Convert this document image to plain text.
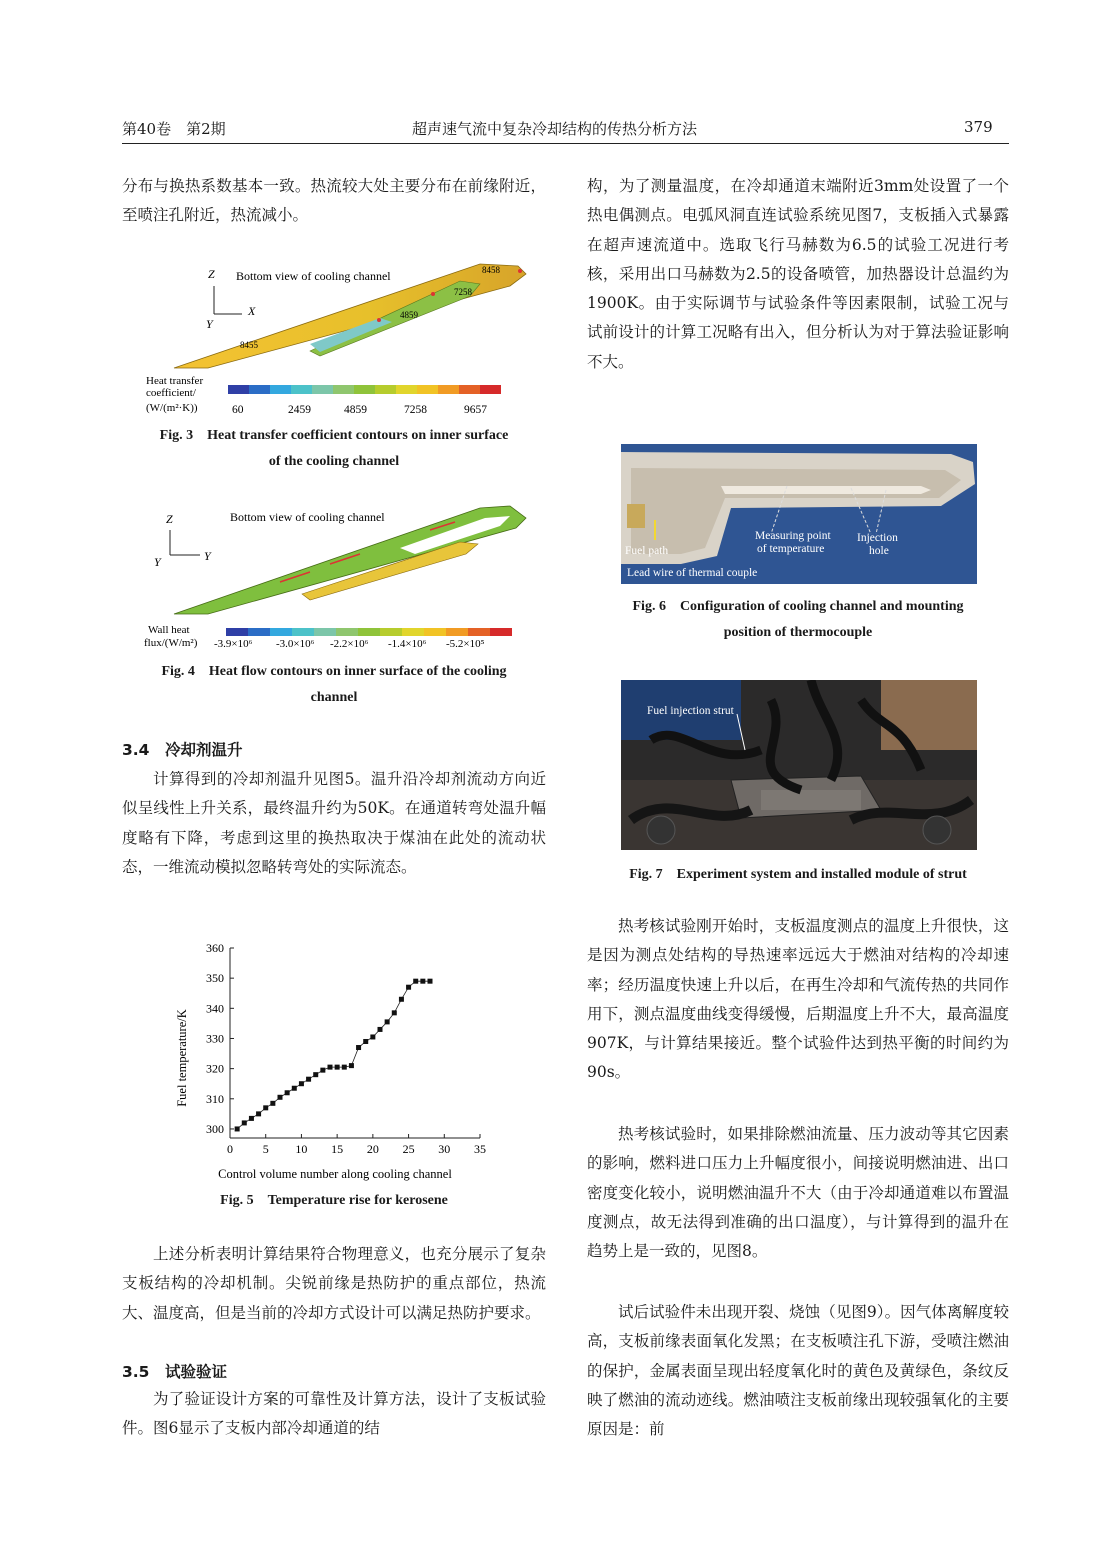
第40卷　第2期	超声速气流中复杂冷却结构的传热分析方法	379

分布与换热系数基本一致。热流较大处主要分布在前缘附近，至喷注孔附近，热流减小。

Bottom view of cooling channel
Z
X
Y
8458
7258
4859
8455
Heat transfer
coefficient/
(W/(m²·K))	60	2459	4859	7258	9657
Fig. 3 Heat transfer coefficient contours on inner surface
of the cooling channel
Bottom view of cooling channel
Z
Y
Y
Wall heat
flux/(W/m²) -3.9×10⁶ -3.0×10⁶ -2.2×10⁶ -1.4×10⁶ -5.2×10⁵
Fig. 4 Heat flow contours on inner surface of the cooling
channel
3.4　冷却剂温升

计算得到的冷却剂温升见图5。温升沿冷却剂流动方向近似呈线性上升关系，最终温升约为50K。在通道转弯处温升幅度略有下降，考虑到这里的换热取决于煤油在此处的流动状态，一维流动模拟忽略转弯处的实际流态。

0 5 10 15 20 25 30 35
300
310
320
330
340
350
360
Control volume number along cooling channel
Fuel temperature/K
Fig. 5 Temperature rise for kerosene

上述分析表明计算结果符合物理意义，也充分展示了复杂支板结构的冷却机制。尖锐前缘是热防护的重点部位，热流大、温度高，但是当前的冷却方式设计可以满足热防护要求。

3.5　试验验证

为了验证设计方案的可靠性及计算方法，设计了支板试验件。图6显示了支板内部冷却通道的结

构，为了测量温度，在冷却通道末端附近3mm处设置了一个热电偶测点。电弧风洞直连试验系统见图7，支板插入式暴露在超声速流道中。选取飞行马赫数为6.5的试验工况进行考核，采用出口马赫数为2.5的设备喷管，加热器设计总温约为1900K。由于实际调节与试验条件等因素限制，试验工况与试前设计的计算工况略有出入，但分析认为对于算法验证影响不大。

Measuring point
of temperature
Injection
hole
Fuel path
Lead wire of thermal couple
Fig. 6 Configuration of cooling channel and mounting
position of thermocouple
Fuel injection strut
Fig. 7 Experiment system and installed module of strut

热考核试验刚开始时，支板温度测点的温度上升很快，这是因为测点处结构的导热速率远远大于燃油对结构的冷却速率；经历温度快速上升以后，在再生冷却和气流传热的共同作用下，测点温度曲线变得缓慢，后期温度上升不大，最高温度907K，与计算结果接近。整个试验件达到热平衡的时间约为90s。

热考核试验时，如果排除燃油流量、压力波动等其它因素的影响，燃料进口压力上升幅度很小，间接说明燃油进、出口密度变化较小，说明燃油温升不大（由于冷却通道难以布置温度测点，故无法得到准确的出口温度），与计算得到的温升在趋势上是一致的，见图8。

试后试验件未出现开裂、烧蚀（见图9）。因气体离解度较高，支板前缘表面氧化发黑；在支板喷注孔下游，受喷注燃油的保护，金属表面呈现出轻度氧化时的黄色及黄绿色，条纹反映了燃油的流动迹线。燃油喷注支板前缘出现较强氧化的主要原因是：前
